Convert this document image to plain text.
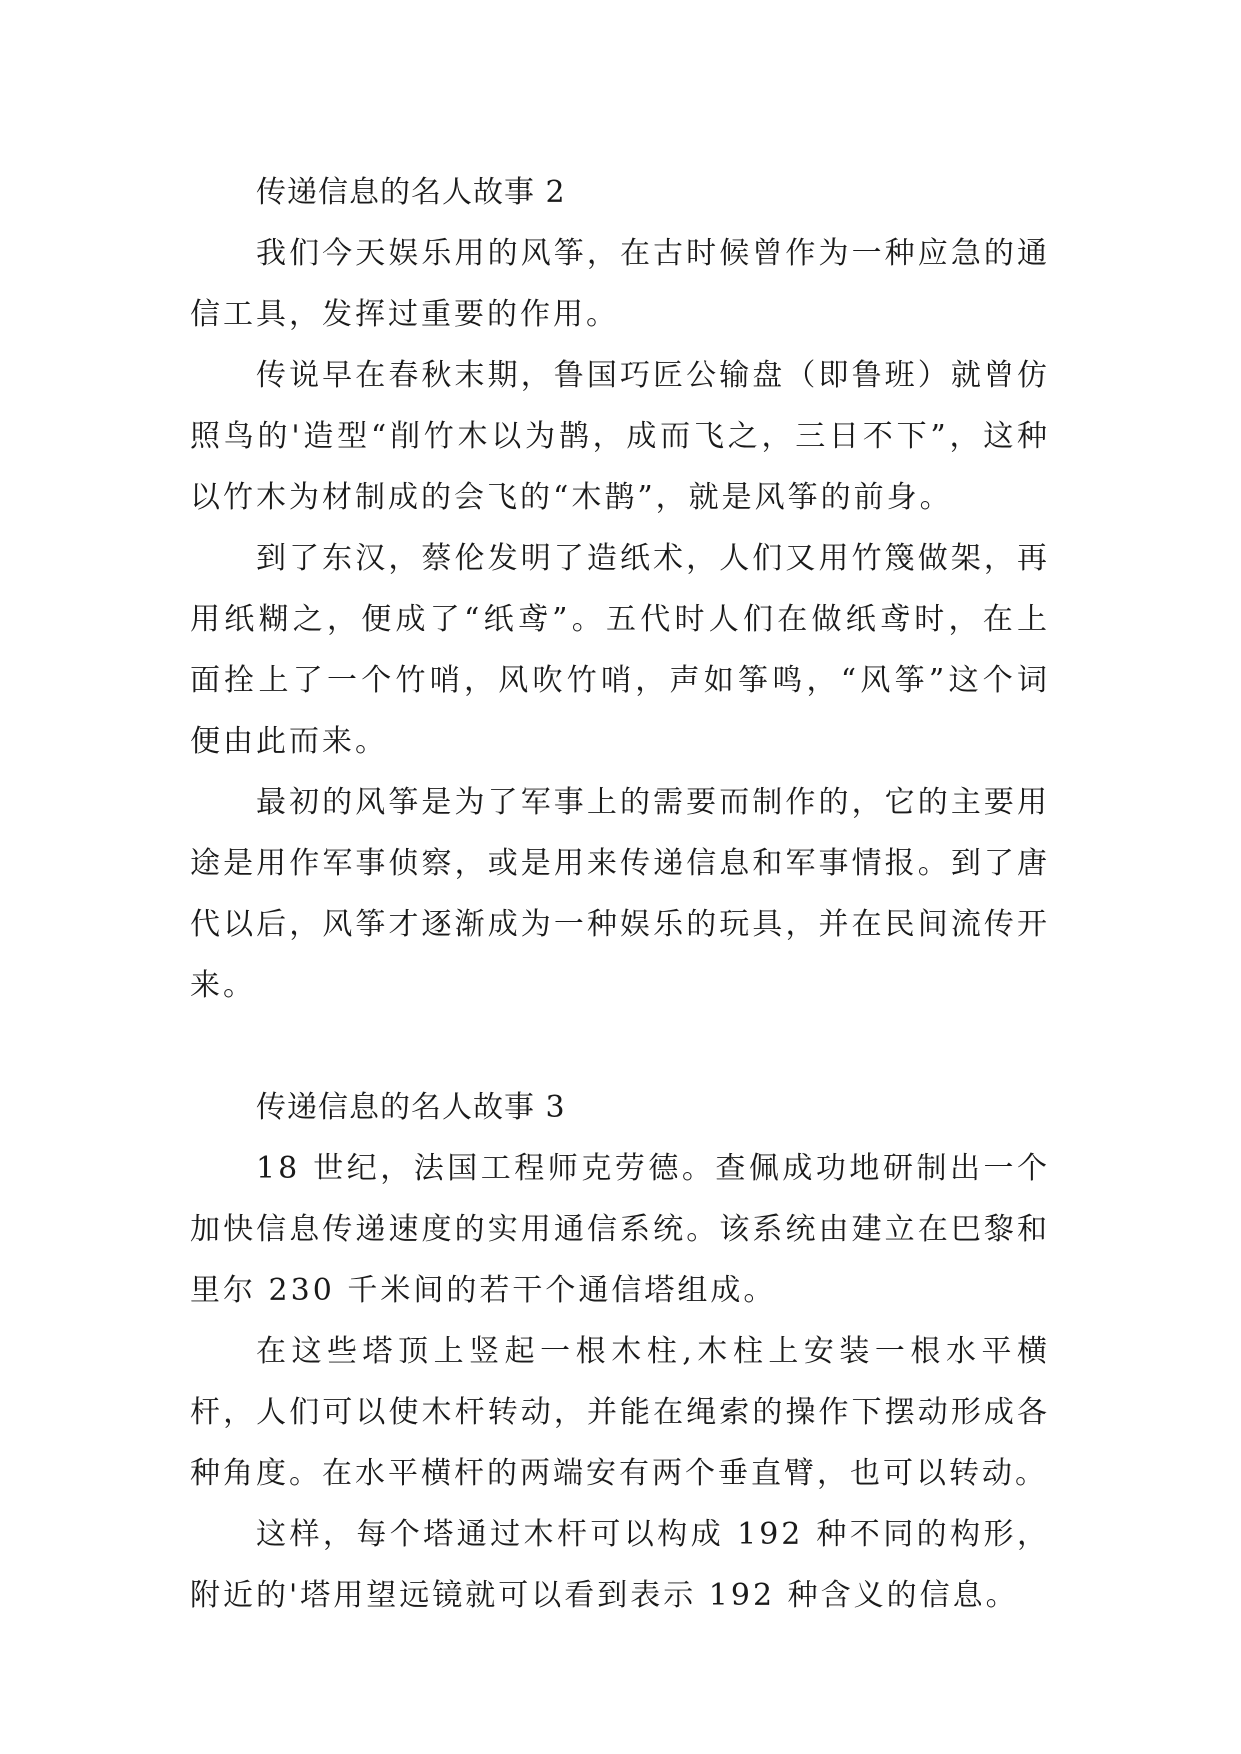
传递信息的名人故事 2

我们今天娱乐用的风筝，在古时候曾作为一种应急的通信工具，发挥过重要的作用。

传说早在春秋末期，鲁国巧匠公输盘（即鲁班）就曾仿照鸟的'造型“削竹木以为鹊，成而飞之，三日不下”，这种以竹木为材制成的会飞的“木鹊”，就是风筝的前身。

到了东汉，蔡伦发明了造纸术，人们又用竹篾做架，再用纸糊之，便成了“纸鸢”。五代时人们在做纸鸢时，在上面拴上了一个竹哨，风吹竹哨，声如筝鸣，“风筝”这个词便由此而来。

最初的风筝是为了军事上的需要而制作的，它的主要用途是用作军事侦察，或是用来传递信息和军事情报。到了唐代以后，风筝才逐渐成为一种娱乐的玩具，并在民间流传开来。

传递信息的名人故事 3

18 世纪，法国工程师克劳德。查佩成功地研制出一个加快信息传递速度的实用通信系统。该系统由建立在巴黎和里尔 230 千米间的若干个通信塔组成。

在这些塔顶上竖起一根木柱,木柱上安装一根水平横杆，人们可以使木杆转动，并能在绳索的操作下摆动形成各种角度。在水平横杆的两端安有两个垂直臂，也可以转动。

这样，每个塔通过木杆可以构成 192 种不同的构形，附近的'塔用望远镜就可以看到表示 192 种含义的信息。
